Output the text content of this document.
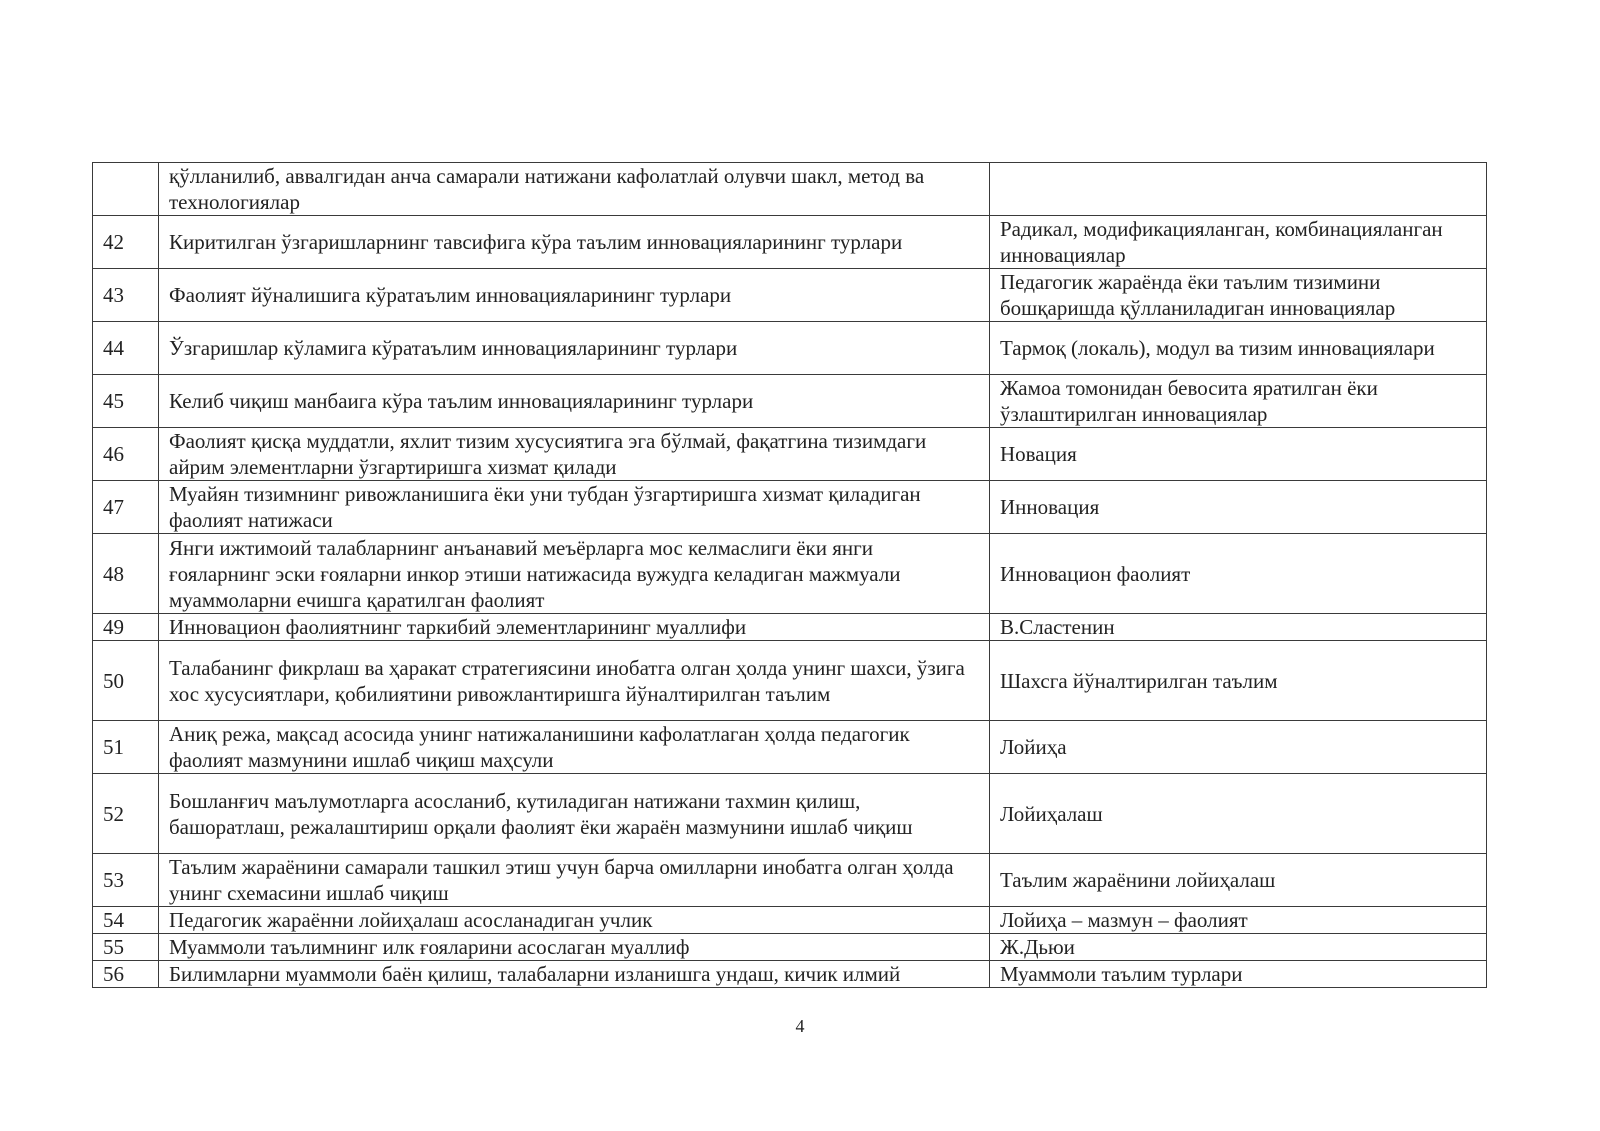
	қўлланилиб, аввалгидан анча самарали натижани кафолатлай олувчи шакл, метод ва технологиялар	
42	Киритилган ўзгаришларнинг тавсифига кўра таълим инновацияларининг турлари	Радикал, модификацияланган, комбинацияланган инновациялар
43	Фаолият йўналишига кўратаълим инновацияларининг турлари	Педагогик жараёнда ёки таълим тизимини бошқаришда қўлланиладиган инновациялар
44	Ўзгаришлар кўламига кўратаълим инновацияларининг турлари	Тармоқ (локаль), модул ва тизим инновациялари
45	Келиб чиқиш манбаига кўра таълим инновацияларининг турлари	Жамоа томонидан бевосита яратилган ёки ўзлаштирилган инновациялар
46	Фаолият қисқа муддатли, яхлит тизим хусусиятига эга бўлмай, фақатгина тизимдаги айрим элементларни ўзгартиришга хизмат қилади	Новация
47	Муайян тизимнинг ривожланишига ёки уни тубдан ўзгартиришга хизмат қиладиган фаолият натижаси	Инновация
48	Янги ижтимоий талабларнинг анъанавий меъёрларга мос келмаслиги ёки янги ғояларнинг эски ғояларни инкор этиши натижасида вужудга келадиган мажмуали муаммоларни ечишга қаратилган фаолият	Инновацион фаолият
49	Инновацион фаолиятнинг таркибий элементларининг муаллифи	В.Сластенин
50	Талабанинг фикрлаш ва ҳаракат стратегиясини инобатга олган ҳолда унинг шахси, ўзига хос хусусиятлари, қобилиятини ривожлантиришга йўналтирилган таълим	Шахсга йўналтирилган таълим
51	Аниқ режа, мақсад асосида унинг натижаланишини кафолатлаган ҳолда педагогик фаолият мазмунини ишлаб чиқиш маҳсули	Лойиҳа
52	Бошланғич маълумотларга асосланиб, кутиладиган натижани тахмин қилиш, башоратлаш, режалаштириш орқали фаолият ёки жараён мазмунини ишлаб чиқиш	Лойиҳалаш
53	Таълим жараёнини самарали ташкил этиш учун барча омилларни инобатга олган ҳолда унинг схемасини ишлаб чиқиш	Таълим жараёнини лойиҳалаш
54	Педагогик жараённи лойиҳалаш асосланадиган учлик	Лойиҳа – мазмун – фаолият
55	Муаммоли таълимнинг илк ғояларини асослаган муаллиф	Ж.Дьюи
56	Билимларни муаммоли баён қилиш, талабаларни изланишга ундаш, кичик илмий	Муаммоли таълим турлари
4
